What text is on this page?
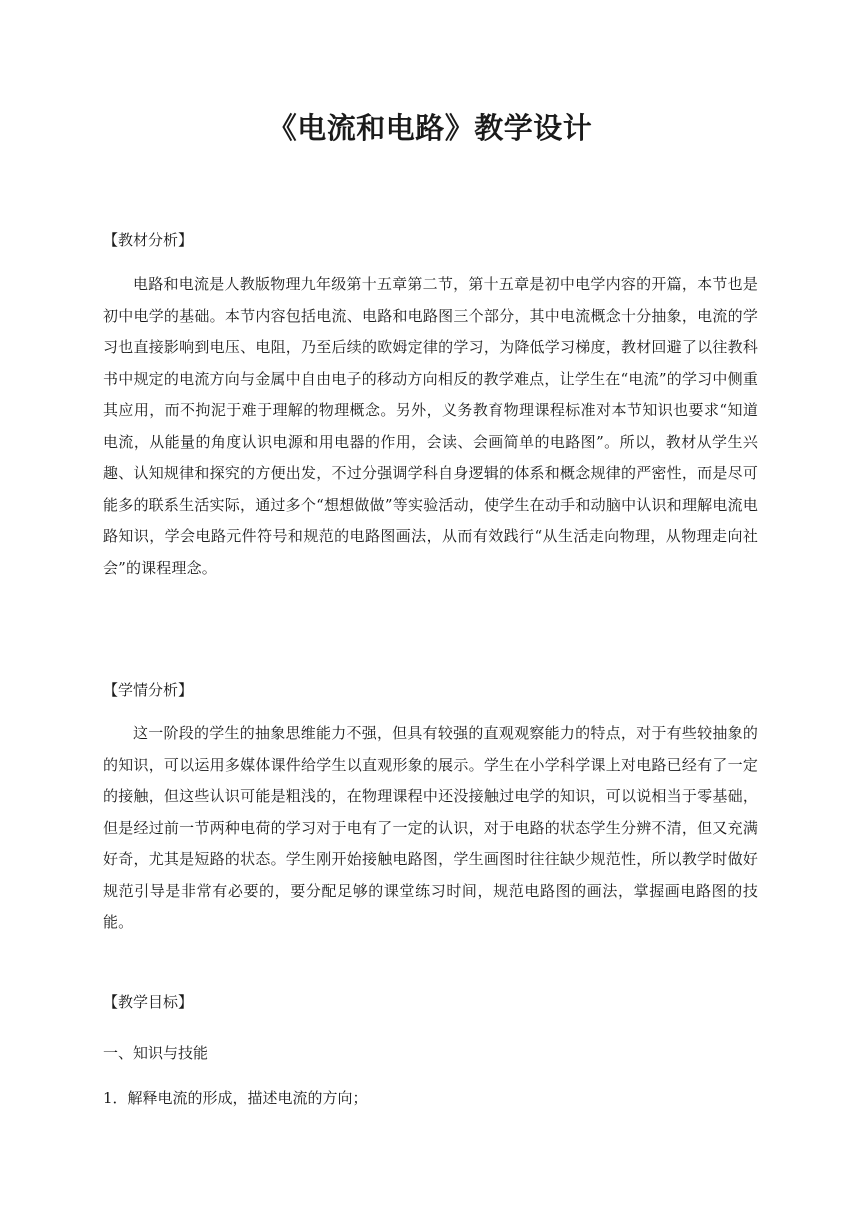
《电流和电路》教学设计
【教材分析】
电路和电流是人教版物理九年级第十五章第二节，第十五章是初中电学内容的开篇，本节也是初中电学的基础。本节内容包括电流、电路和电路图三个部分，其中电流概念十分抽象，电流的学习也直接影响到电压、电阻，乃至后续的欧姆定律的学习，为降低学习梯度，教材回避了以往教科书中规定的电流方向与金属中自由电子的移动方向相反的教学难点，让学生在“电流”的学习中侧重其应用，而不拘泥于难于理解的物理概念。另外，义务教育物理课程标准对本节知识也要求“知道电流，从能量的角度认识电源和用电器的作用，会读、会画简单的电路图”。所以，教材从学生兴趣、认知规律和探究的方便出发，不过分强调学科自身逻辑的体系和概念规律的严密性，而是尽可能多的联系生活实际，通过多个“想想做做”等实验活动，使学生在动手和动脑中认识和理解电流电路知识，学会电路元件符号和规范的电路图画法，从而有效践行“从生活走向物理，从物理走向社会”的课程理念。
【学情分析】
这一阶段的学生的抽象思维能力不强，但具有较强的直观观察能力的特点，对于有些较抽象的的知识，可以运用多媒体课件给学生以直观形象的展示。学生在小学科学课上对电路已经有了一定的接触，但这些认识可能是粗浅的，在物理课程中还没接触过电学的知识，可以说相当于零基础，但是经过前一节两种电荷的学习对于电有了一定的认识，对于电路的状态学生分辨不清，但又充满好奇，尤其是短路的状态。学生刚开始接触电路图，学生画图时往往缺少规范性，所以教学时做好规范引导是非常有必要的，要分配足够的课堂练习时间，规范电路图的画法，掌握画电路图的技能。
【教学目标】
一、知识与技能
1．解释电流的形成，描述电流的方向；
